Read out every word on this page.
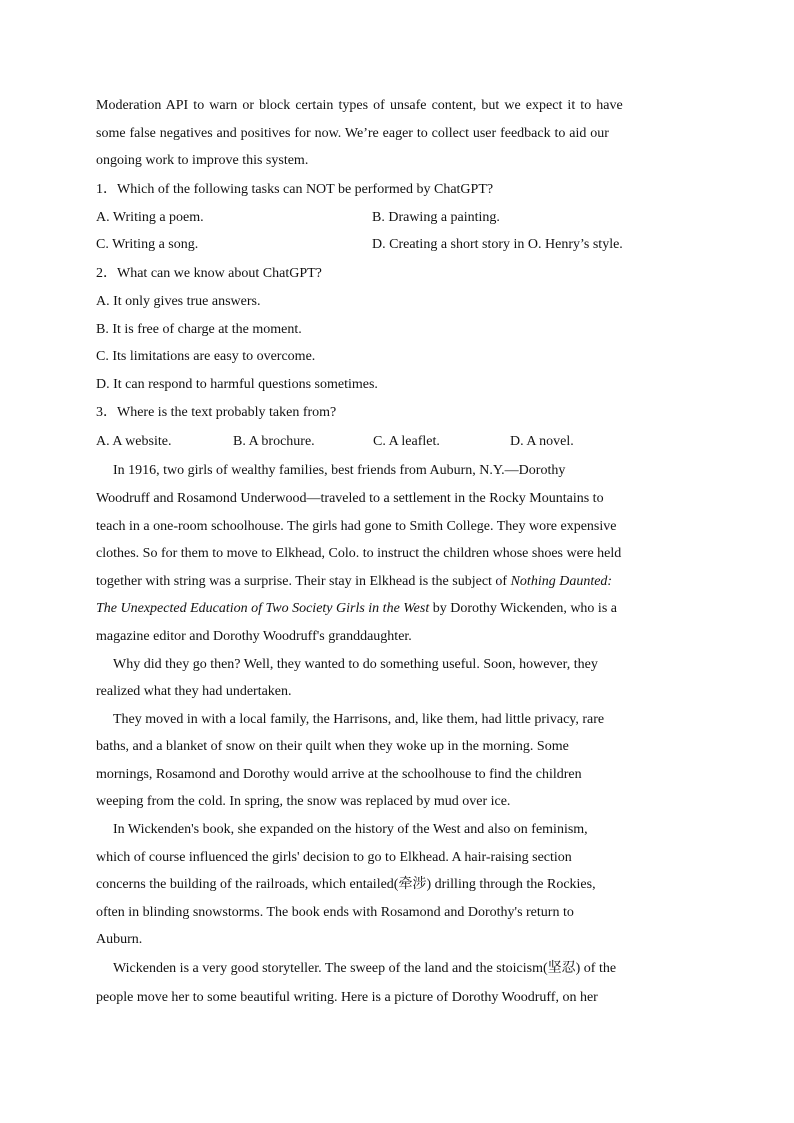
Moderation API to warn or block certain types of unsafe content, but we expect it to have
some false negatives and positives for now. We’re eager to collect user feedback to aid our
ongoing work to improve this system.
1．Which of the following tasks can NOT be performed by ChatGPT?
A. Writing a poem.	B. Drawing a painting.
C. Writing a song.	D. Creating a short story in O. Henry’s style.
2．What can we know about ChatGPT?
A. It only gives true answers.
B. It is free of charge at the moment.
C. Its limitations are easy to overcome.
D. It can respond to harmful questions sometimes.
3．Where is the text probably taken from?
A. A website.	B. A brochure.	C. A leaflet.	D. A novel.
In 1916, two girls of wealthy families, best friends from Auburn, N.Y.—Dorothy
Woodruff and Rosamond Underwood—traveled to a settlement in the Rocky Mountains to
teach in a one-room schoolhouse. The girls had gone to Smith College. They wore expensive
clothes. So for them to move to Elkhead, Colo. to instruct the children whose shoes were held
together with string was a surprise. Their stay in Elkhead is the subject of Nothing Daunted:
The Unexpected Education of Two Society Girls in the West by Dorothy Wickenden, who is a
magazine editor and Dorothy Woodruff's granddaughter.
Why did they go then? Well, they wanted to do something useful. Soon, however, they
realized what they had undertaken.
They moved in with a local family, the Harrisons, and, like them, had little privacy, rare
baths, and a blanket of snow on their quilt when they woke up in the morning. Some
mornings, Rosamond and Dorothy would arrive at the schoolhouse to find the children
weeping from the cold. In spring, the snow was replaced by mud over ice.
In Wickenden's book, she expanded on the history of the West and also on feminism,
which of course influenced the girls' decision to go to Elkhead. A hair-raising section
concerns the building of the railroads, which entailed(牵涉) drilling through the Rockies,
often in blinding snowstorms. The book ends with Rosamond and Dorothy's return to
Auburn.
Wickenden is a very good storyteller. The sweep of the land and the stoicism(坚忍) of the
people move her to some beautiful writing. Here is a picture of Dorothy Woodruff, on her
